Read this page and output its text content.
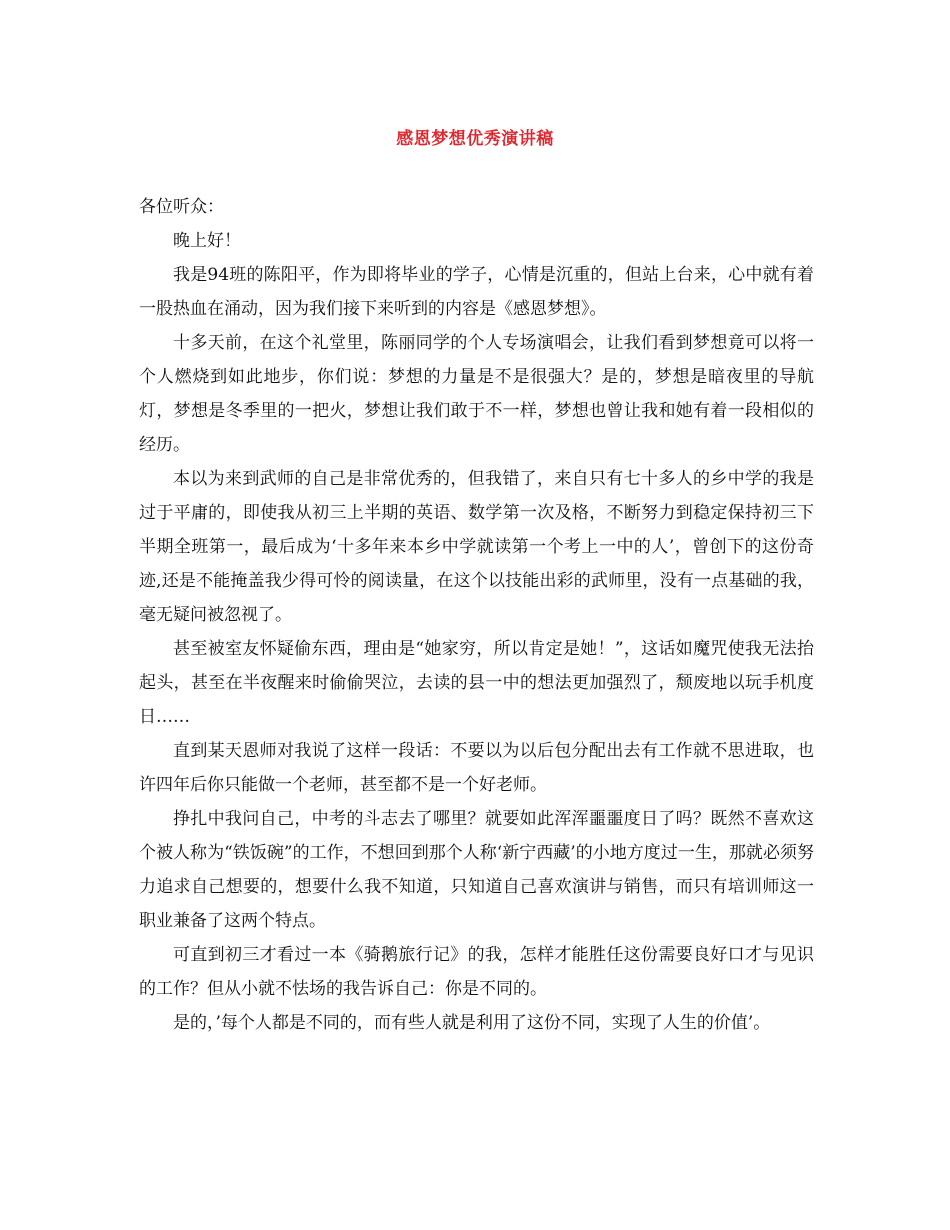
感恩梦想优秀演讲稿

各位听众：

晚上好！

我是94班的陈阳平，作为即将毕业的学子，心情是沉重的，但站上台来，心中就有着一股热血在涌动，因为我们接下来听到的内容是《感恩梦想》。

十多天前，在这个礼堂里，陈丽同学的个人专场演唱会，让我们看到梦想竟可以将一个人燃烧到如此地步，你们说：梦想的力量是不是很强大？是的，梦想是暗夜里的导航灯，梦想是冬季里的一把火，梦想让我们敢于不一样，梦想也曾让我和她有着一段相似的经历。

本以为来到武师的自己是非常优秀的，但我错了，来自只有七十多人的乡中学的我是过于平庸的，即使我从初三上半期的英语、数学第一次及格，不断努力到稳定保持初三下半期全班第一，最后成为‘十多年来本乡中学就读第一个考上一中的人’，曾创下的这份奇迹,还是不能掩盖我少得可怜的阅读量，在这个以技能出彩的武师里，没有一点基础的我，毫无疑问被忽视了。

甚至被室友怀疑偷东西，理由是“她家穷，所以肯定是她！”，这话如魔咒使我无法抬起头，甚至在半夜醒来时偷偷哭泣，去读的县一中的想法更加强烈了，颓废地以玩手机度日……

直到某天恩师对我说了这样一段话：不要以为以后包分配出去有工作就不思进取，也许四年后你只能做一个老师，甚至都不是一个好老师。

挣扎中我问自己，中考的斗志去了哪里？就要如此浑浑噩噩度日了吗？既然不喜欢这个被人称为“铁饭碗”的工作，不想回到那个人称‘新宁西藏’的小地方度过一生，那就必须努力追求自己想要的，想要什么我不知道，只知道自己喜欢演讲与销售，而只有培训师这一职业兼备了这两个特点。

可直到初三才看过一本《骑鹅旅行记》的我，怎样才能胜任这份需要良好口才与见识的工作？但从小就不怯场的我告诉自己：你是不同的。

是的，’每个人都是不同的，而有些人就是利用了这份不同，实现了人生的价值’。
